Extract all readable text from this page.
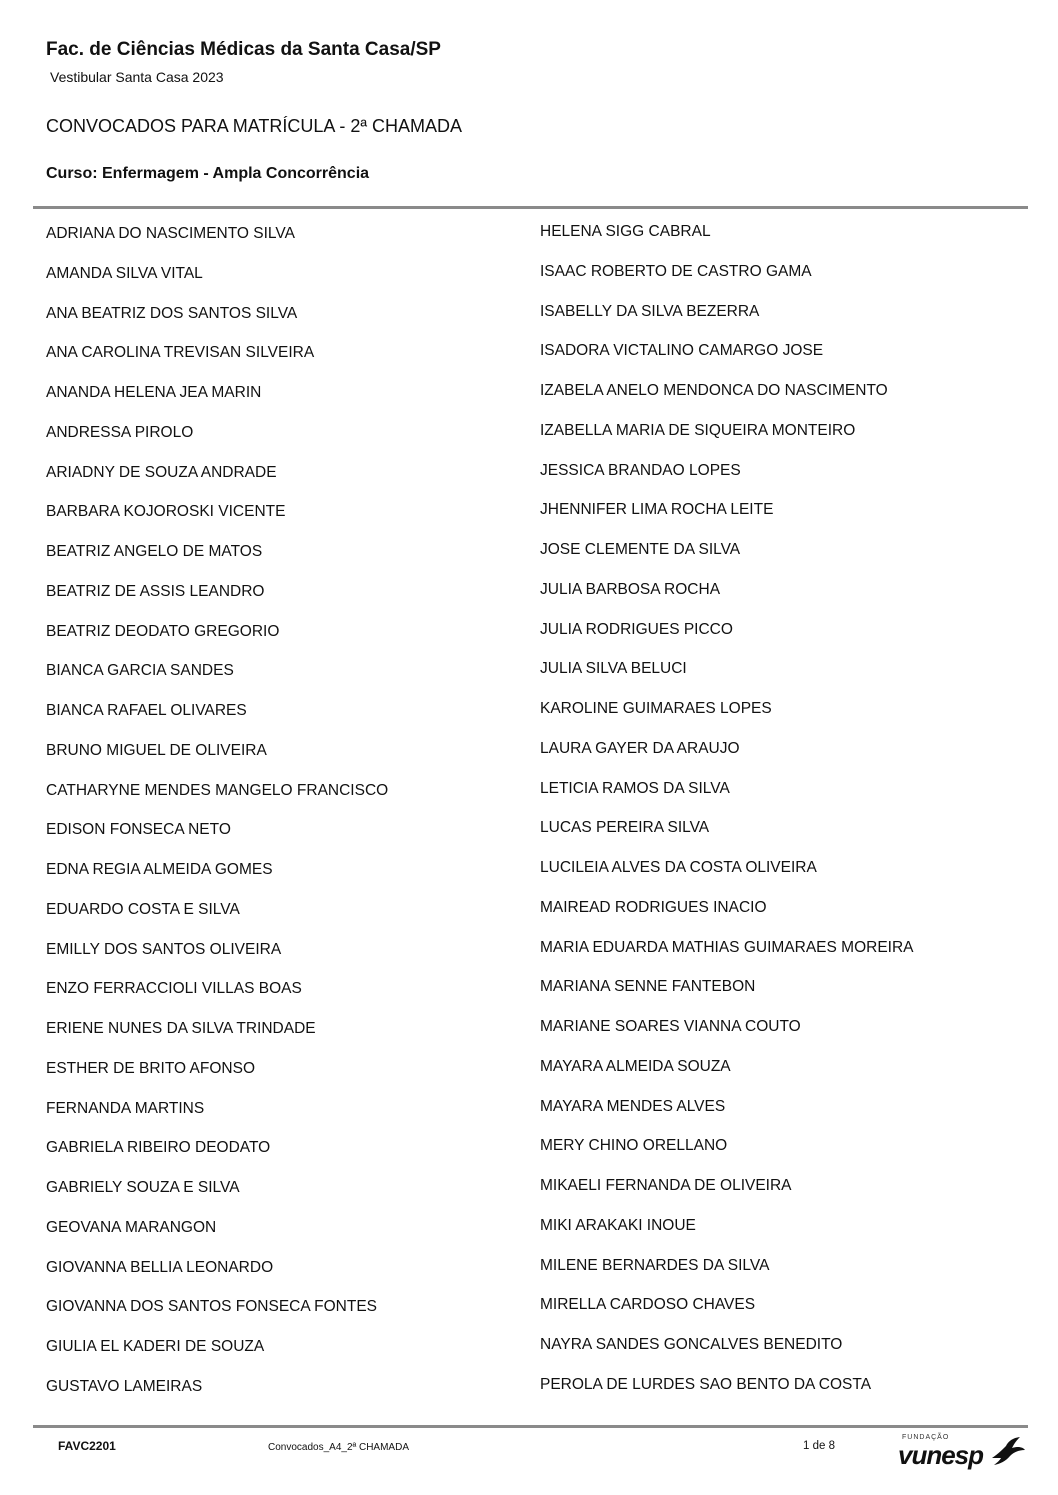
Fac. de Ciências Médicas da Santa Casa/SP
Vestibular Santa Casa 2023
CONVOCADOS PARA MATRÍCULA - 2ª CHAMADA
Curso: Enfermagem - Ampla Concorrência
ADRIANA DO NASCIMENTO SILVA
AMANDA SILVA VITAL
ANA BEATRIZ DOS SANTOS SILVA
ANA CAROLINA TREVISAN SILVEIRA
ANANDA HELENA JEA MARIN
ANDRESSA PIROLO
ARIADNY DE SOUZA ANDRADE
BARBARA KOJOROSKI VICENTE
BEATRIZ ANGELO DE MATOS
BEATRIZ DE ASSIS LEANDRO
BEATRIZ DEODATO GREGORIO
BIANCA GARCIA SANDES
BIANCA RAFAEL OLIVARES
BRUNO MIGUEL DE OLIVEIRA
CATHARYNE MENDES MANGELO FRANCISCO
EDISON FONSECA NETO
EDNA REGIA ALMEIDA GOMES
EDUARDO COSTA E SILVA
EMILLY DOS SANTOS OLIVEIRA
ENZO FERRACCIOLI VILLAS BOAS
ERIENE NUNES DA SILVA TRINDADE
ESTHER DE BRITO AFONSO
FERNANDA MARTINS
GABRIELA RIBEIRO DEODATO
GABRIELY SOUZA E SILVA
GEOVANA MARANGON
GIOVANNA BELLIA LEONARDO
GIOVANNA DOS SANTOS FONSECA FONTES
GIULIA EL KADERI DE SOUZA
GUSTAVO LAMEIRAS
HELENA SIGG CABRAL
ISAAC ROBERTO DE CASTRO GAMA
ISABELLY DA SILVA BEZERRA
ISADORA VICTALINO CAMARGO JOSE
IZABELA ANELO MENDONCA DO NASCIMENTO
IZABELLA MARIA DE SIQUEIRA MONTEIRO
JESSICA BRANDAO LOPES
JHENNIFER LIMA ROCHA LEITE
JOSE CLEMENTE DA SILVA
JULIA BARBOSA ROCHA
JULIA RODRIGUES PICCO
JULIA SILVA BELUCI
KAROLINE GUIMARAES LOPES
LAURA GAYER DA ARAUJO
LETICIA RAMOS DA SILVA
LUCAS PEREIRA SILVA
LUCILEIA ALVES DA COSTA OLIVEIRA
MAIREAD RODRIGUES INACIO
MARIA EDUARDA MATHIAS GUIMARAES MOREIRA
MARIANA SENNE FANTEBON
MARIANE SOARES VIANNA COUTO
MAYARA ALMEIDA SOUZA
MAYARA MENDES ALVES
MERY CHINO ORELLANO
MIKAELI FERNANDA DE OLIVEIRA
MIKI ARAKAKI INOUE
MILENE BERNARDES DA SILVA
MIRELLA CARDOSO CHAVES
NAYRA SANDES GONCALVES BENEDITO
PEROLA DE LURDES SAO BENTO DA COSTA
FAVC2201	Convocados_A4_2ª CHAMADA	1 de 8
FUNDAÇÃO
vunesp
